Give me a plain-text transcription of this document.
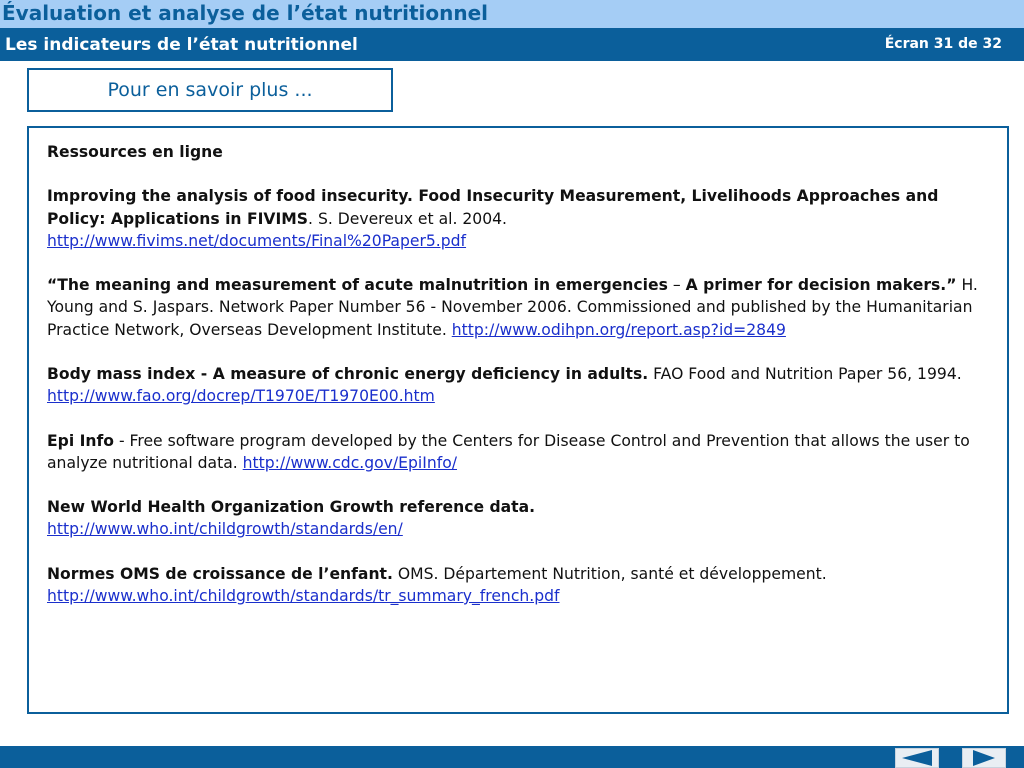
Évaluation et analyse de l’état nutritionnel
Les indicateurs de l’état nutritionnel	Écran 31 de 32
Pour en savoir plus ...

Ressources en ligne

Improving the analysis of food insecurity. Food Insecurity Measurement, Livelihoods Approaches and Policy: Applications in FIVIMS. S. Devereux et al. 2004.
http://www.fivims.net/documents/Final%20Paper5.pdf

“The meaning and measurement of acute malnutrition in emergencies – A primer for decision makers.” H. Young and S. Jaspars. Network Paper Number 56 - November 2006. Commissioned and published by the Humanitarian Practice Network, Overseas Development Institute. http://www.odihpn.org/report.asp?id=2849

Body mass index - A measure of chronic energy deficiency in adults. FAO Food and Nutrition Paper 56, 1994. http://www.fao.org/docrep/T1970E/T1970E00.htm

Epi Info - Free software program developed by the Centers for Disease Control and Prevention that allows the user to analyze nutritional data. http://www.cdc.gov/EpiInfo/

New World Health Organization Growth reference data.
http://www.who.int/childgrowth/standards/en/

Normes OMS de croissance de l’enfant. OMS. Département Nutrition, santé et développement.
http://www.who.int/childgrowth/standards/tr_summary_french.pdf
